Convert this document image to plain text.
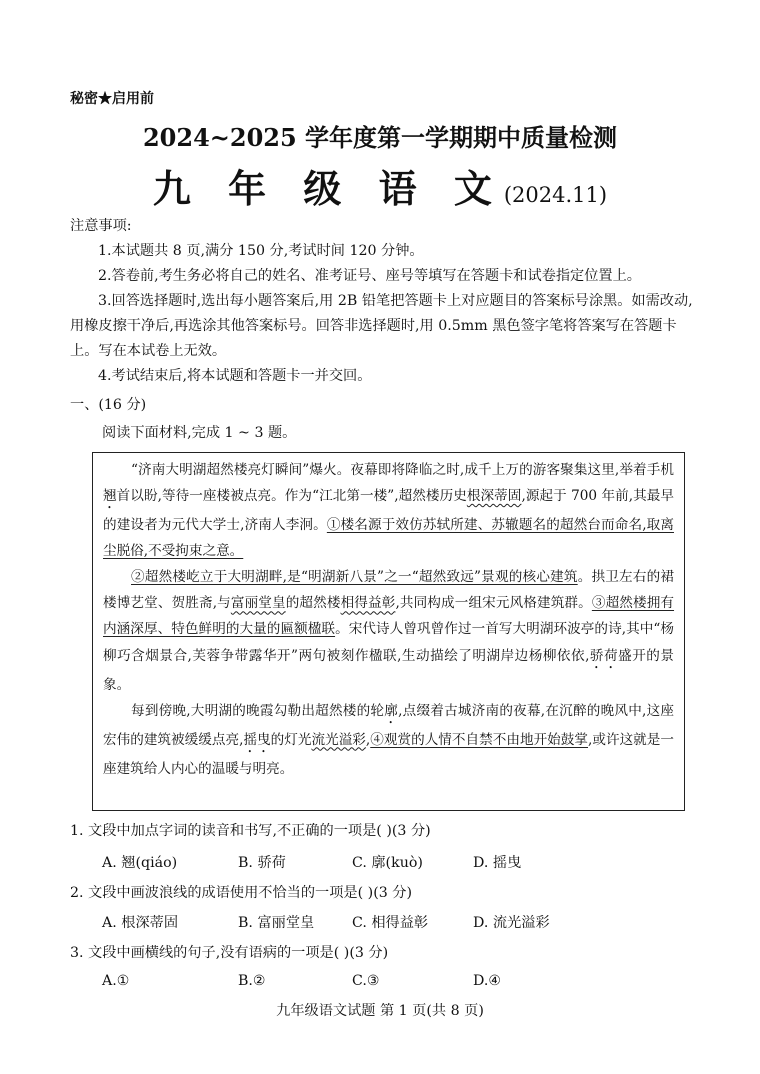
秘密★启用前
2024~2025 学年度第一学期期中质量检测
九 年 级 语 文(2024.11)
注意事项:
1.本试题共 8 页,满分 150 分,考试时间 120 分钟。
2.答卷前,考生务必将自己的姓名、准考证号、座号等填写在答题卡和试卷指定位置上。
3.回答选择题时,选出每小题答案后,用 2B 铅笔把答题卡上对应题目的答案标号涂黑。如需改动,用橡皮擦干净后,再选涂其他答案标号。回答非选择题时,用 0.5mm 黑色签字笔将答案写在答题卡上。写在本试卷上无效。
4.考试结束后,将本试题和答题卡一并交回。
一、(16 分)
阅读下面材料,完成 1 ~ 3 题。

“济南大明湖超然楼亮灯瞬间”爆火。夜幕即将降临之时,成千上万的游客聚集这里,举着手机翘首以盼,等待一座楼被点亮。作为“江北第一楼”,超然楼历史根深蒂固,源起于 700 年前,其最早的建设者为元代大学士,济南人李泂。①楼名源于效仿苏轼所建、苏辙题名的超然台而命名,取离尘脱俗,不受拘束之意。

②超然楼屹立于大明湖畔,是“明湖新八景”之一“超然致远”景观的核心建筑。拱卫左右的裙楼博艺堂、贺胜斋,与富丽堂皇的超然楼相得益彰,共同构成一组宋元风格建筑群。③超然楼拥有内涵深厚、特色鲜明的大量的匾额楹联。宋代诗人曾巩曾作过一首写大明湖环波亭的诗,其中“杨柳巧含烟景合,芙蓉争带露华开”两句被刻作楹联,生动描绘了明湖岸边杨柳依依,骄荷盛开的景象。

每到傍晚,大明湖的晚霞勾勒出超然楼的轮廓,点缀着古城济南的夜幕,在沉醉的晚风中,这座宏伟的建筑被缓缓点亮,摇曳的灯光流光溢彩,④观赏的人情不自禁不由地开始鼓掌,或许这就是一座建筑给人内心的温暖与明亮。

1. 文段中加点字词的读音和书写,不正确的一项是( )(3 分)
A. 翘(qiáo)	B. 骄荷	C. 廓(kuò)	D. 摇曳
2. 文段中画波浪线的成语使用不恰当的一项是( )(3 分)
A. 根深蒂固	B. 富丽堂皇	C. 相得益彰	D. 流光溢彩
3. 文段中画横线的句子,没有语病的一项是( )(3 分)
A.①	B.②	C.③	D.④
九年级语文试题 第 1 页(共 8 页)
